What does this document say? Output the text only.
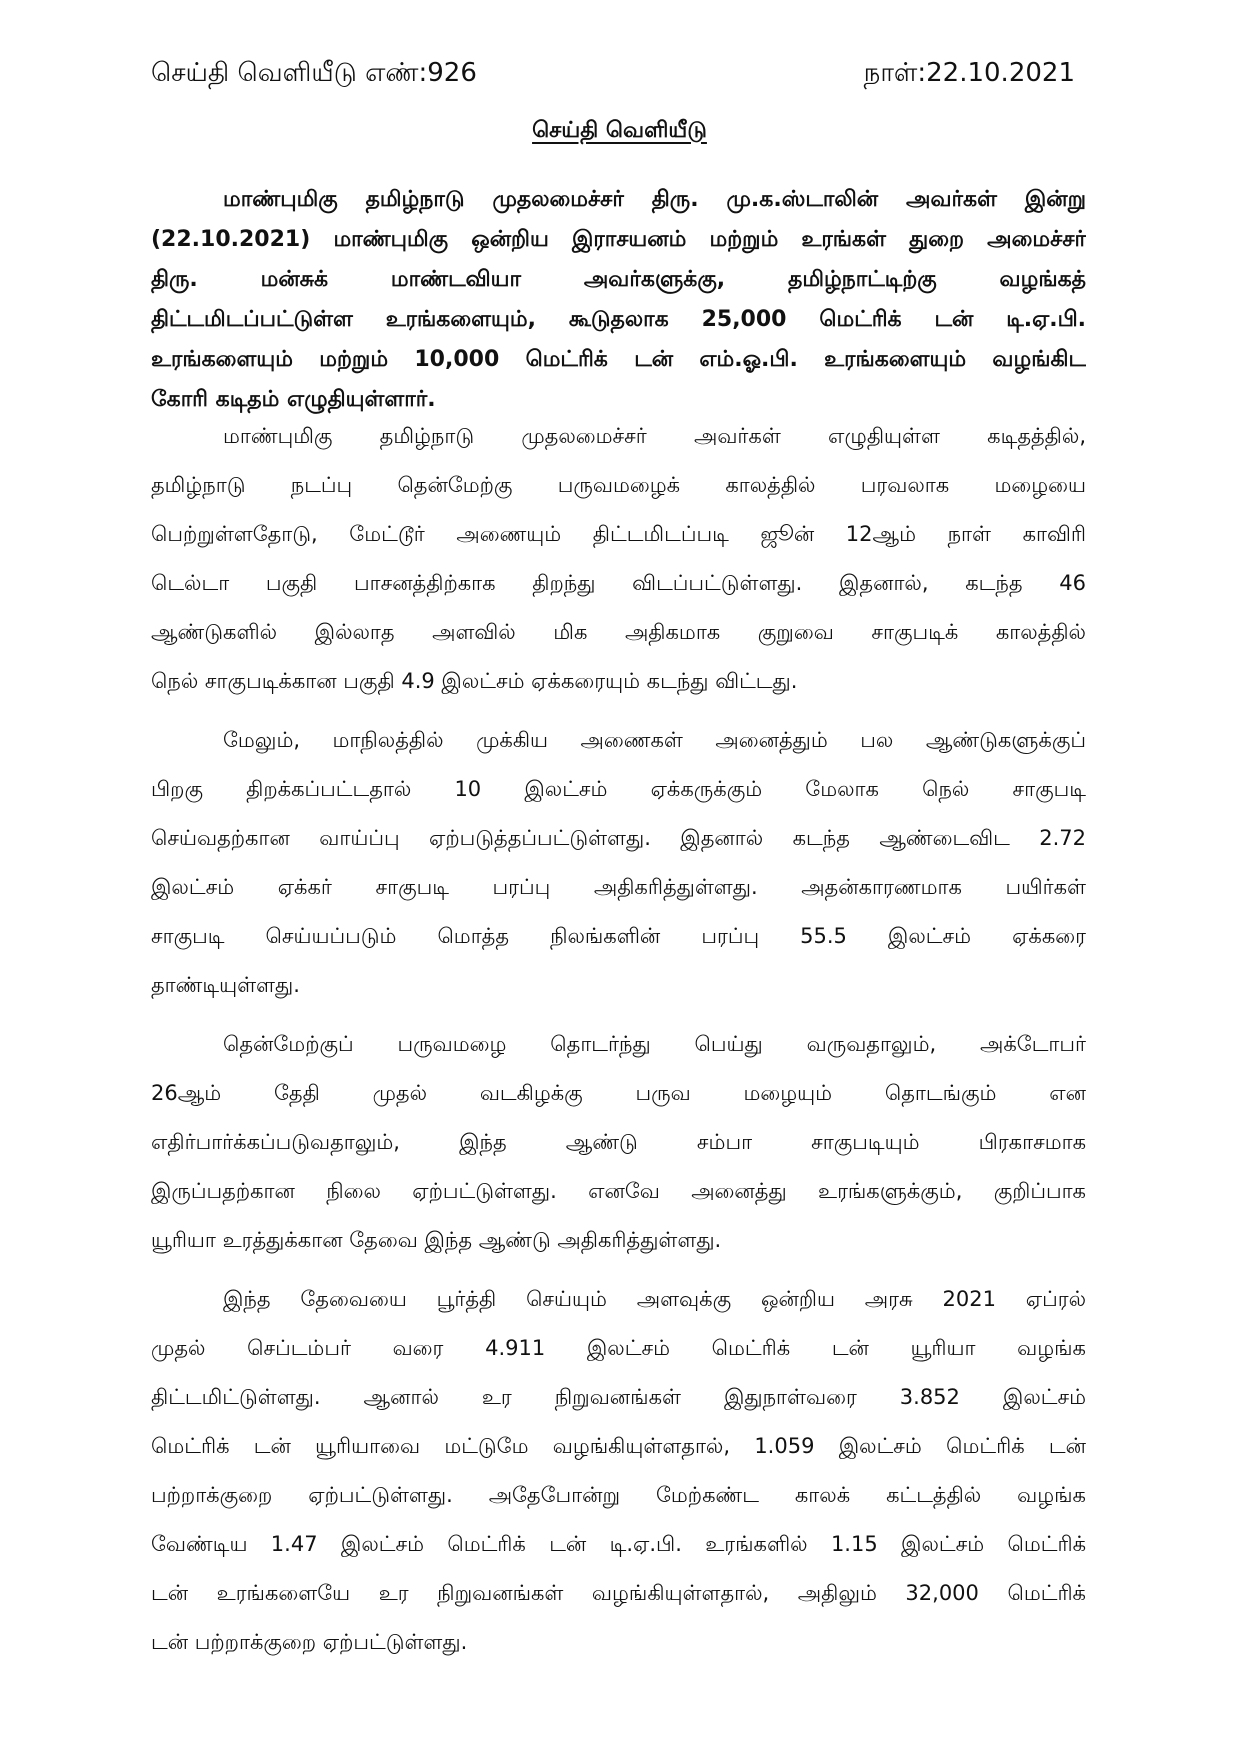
செய்தி வெளியீடு எண்:926	நாள்:22.10.2021
செய்தி வெளியீடு
மாண்புமிகு தமிழ்நாடு முதலமைச்சர் திரு. மு.க.ஸ்டாலின் அவர்கள் இன்று
(22.10.2021) மாண்புமிகு ஒன்றிய இராசயனம் மற்றும் உரங்கள் துறை அமைச்சர்
திரு. மன்சுக் மாண்டவியா அவர்களுக்கு, தமிழ்நாட்டிற்கு வழங்கத்
திட்டமிடப்பட்டுள்ள உரங்களையும், கூடுதலாக 25,000 மெட்ரிக் டன் டி.ஏ.பி.
உரங்களையும் மற்றும் 10,000 மெட்ரிக் டன் எம்.ஓ.பி. உரங்களையும் வழங்கிட
கோரி கடிதம் எழுதியுள்ளார்.
மாண்புமிகு தமிழ்நாடு முதலமைச்சர் அவர்கள் எழுதியுள்ள கடிதத்தில்,
தமிழ்நாடு நடப்பு தென்மேற்கு பருவமழைக் காலத்தில் பரவலாக மழையை
பெற்றுள்ளதோடு, மேட்டூர் அணையும் திட்டமிடப்படி ஜூன் 12ஆம் நாள் காவிரி
டெல்டா பகுதி பாசனத்திற்காக திறந்து விடப்பட்டுள்ளது. இதனால், கடந்த 46
ஆண்டுகளில் இல்லாத அளவில் மிக அதிகமாக குறுவை சாகுபடிக் காலத்தில்
நெல் சாகுபடிக்கான பகுதி 4.9 இலட்சம் ஏக்கரையும் கடந்து விட்டது.
மேலும், மாநிலத்தில் முக்கிய அணைகள் அனைத்தும் பல ஆண்டுகளுக்குப்
பிறகு திறக்கப்பட்டதால் 10 இலட்சம் ஏக்கருக்கும் மேலாக நெல் சாகுபடி
செய்வதற்கான வாய்ப்பு ஏற்படுத்தப்பட்டுள்ளது. இதனால் கடந்த ஆண்டைவிட 2.72
இலட்சம் ஏக்கர் சாகுபடி பரப்பு அதிகரித்துள்ளது. அதன்காரணமாக பயிர்கள்
சாகுபடி செய்யப்படும் மொத்த நிலங்களின் பரப்பு 55.5 இலட்சம் ஏக்கரை
தாண்டியுள்ளது.
தென்மேற்குப் பருவமழை தொடர்ந்து பெய்து வருவதாலும், அக்டோபர்
26ஆம் தேதி முதல் வடகிழக்கு பருவ மழையும் தொடங்கும் என
எதிர்பார்க்கப்படுவதாலும், இந்த ஆண்டு சம்பா சாகுபடியும் பிரகாசமாக
இருப்பதற்கான நிலை ஏற்பட்டுள்ளது. எனவே அனைத்து உரங்களுக்கும், குறிப்பாக
யூரியா உரத்துக்கான தேவை இந்த ஆண்டு அதிகரித்துள்ளது.
இந்த தேவையை பூர்த்தி செய்யும் அளவுக்கு ஒன்றிய அரசு 2021 ஏப்ரல்
முதல் செப்டம்பர் வரை 4.911 இலட்சம் மெட்ரிக் டன் யூரியா வழங்க
திட்டமிட்டுள்ளது. ஆனால் உர நிறுவனங்கள் இதுநாள்வரை 3.852 இலட்சம்
மெட்ரிக் டன் யூரியாவை மட்டுமே வழங்கியுள்ளதால், 1.059 இலட்சம் மெட்ரிக் டன்
பற்றாக்குறை ஏற்பட்டுள்ளது. அதேபோன்று மேற்கண்ட காலக் கட்டத்தில் வழங்க
வேண்டிய 1.47 இலட்சம் மெட்ரிக் டன் டி.ஏ.பி. உரங்களில் 1.15 இலட்சம் மெட்ரிக்
டன் உரங்களையே உர நிறுவனங்கள் வழங்கியுள்ளதால், அதிலும் 32,000 மெட்ரிக்
டன் பற்றாக்குறை ஏற்பட்டுள்ளது.
